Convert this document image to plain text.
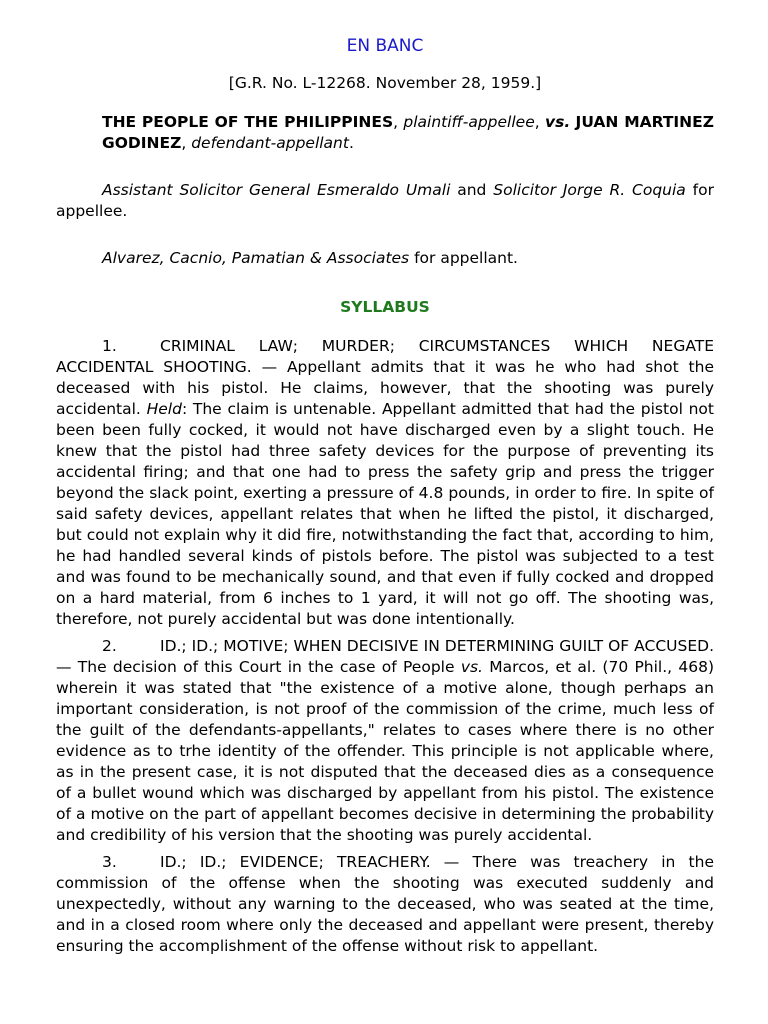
EN BANC

[G.R. No. L-12268. November 28, 1959.]

THE PEOPLE OF THE PHILIPPINES, plaintiff-appellee, vs. JUAN MARTINEZ GODINEZ, defendant-appellant.

Assistant Solicitor General Esmeraldo Umali and Solicitor Jorge R. Coquia for appellee.

Alvarez, Cacnio, Pamatian & Associates for appellant.

SYLLABUS

1.	CRIMINAL LAW; MURDER; CIRCUMSTANCES WHICH NEGATE ACCIDENTAL SHOOTING. — Appellant admits that it was he who had shot the deceased with his pistol. He claims, however, that the shooting was purely accidental. Held: The claim is untenable. Appellant admitted that had the pistol not been been fully cocked, it would not have discharged even by a slight touch. He knew that the pistol had three safety devices for the purpose of preventing its accidental firing; and that one had to press the safety grip and press the trigger beyond the slack point, exerting a pressure of 4.8 pounds, in order to fire. In spite of said safety devices, appellant relates that when he lifted the pistol, it discharged, but could not explain why it did fire, notwithstanding the fact that, according to him, he had handled several kinds of pistols before. The pistol was subjected to a test and was found to be mechanically sound, and that even if fully cocked and dropped on a hard material, from 6 inches to 1 yard, it will not go off. The shooting was, therefore, not purely accidental but was done intentionally.

2.	ID.; ID.; MOTIVE; WHEN DECISIVE IN DETERMINING GUILT OF ACCUSED. — The decision of this Court in the case of People vs. Marcos, et al. (70 Phil., 468) wherein it was stated that "the existence of a motive alone, though perhaps an important consideration, is not proof of the commission of the crime, much less of the guilt of the defendants-appellants," relates to cases where there is no other evidence as to trhe identity of the offender. This principle is not applicable where, as in the present case, it is not disputed that the deceased dies as a consequence of a bullet wound which was discharged by appellant from his pistol. The existence of a motive on the part of appellant becomes decisive in determining the probability and credibility of his version that the shooting was purely accidental.

3.	ID.; ID.; EVIDENCE; TREACHERY. — There was treachery in the commission of the offense when the shooting was executed suddenly and unexpectedly, without any warning to the deceased, who was seated at the time, and in a closed room where only the deceased and appellant were present, thereby ensuring the accomplishment of the offense without risk to appellant.
